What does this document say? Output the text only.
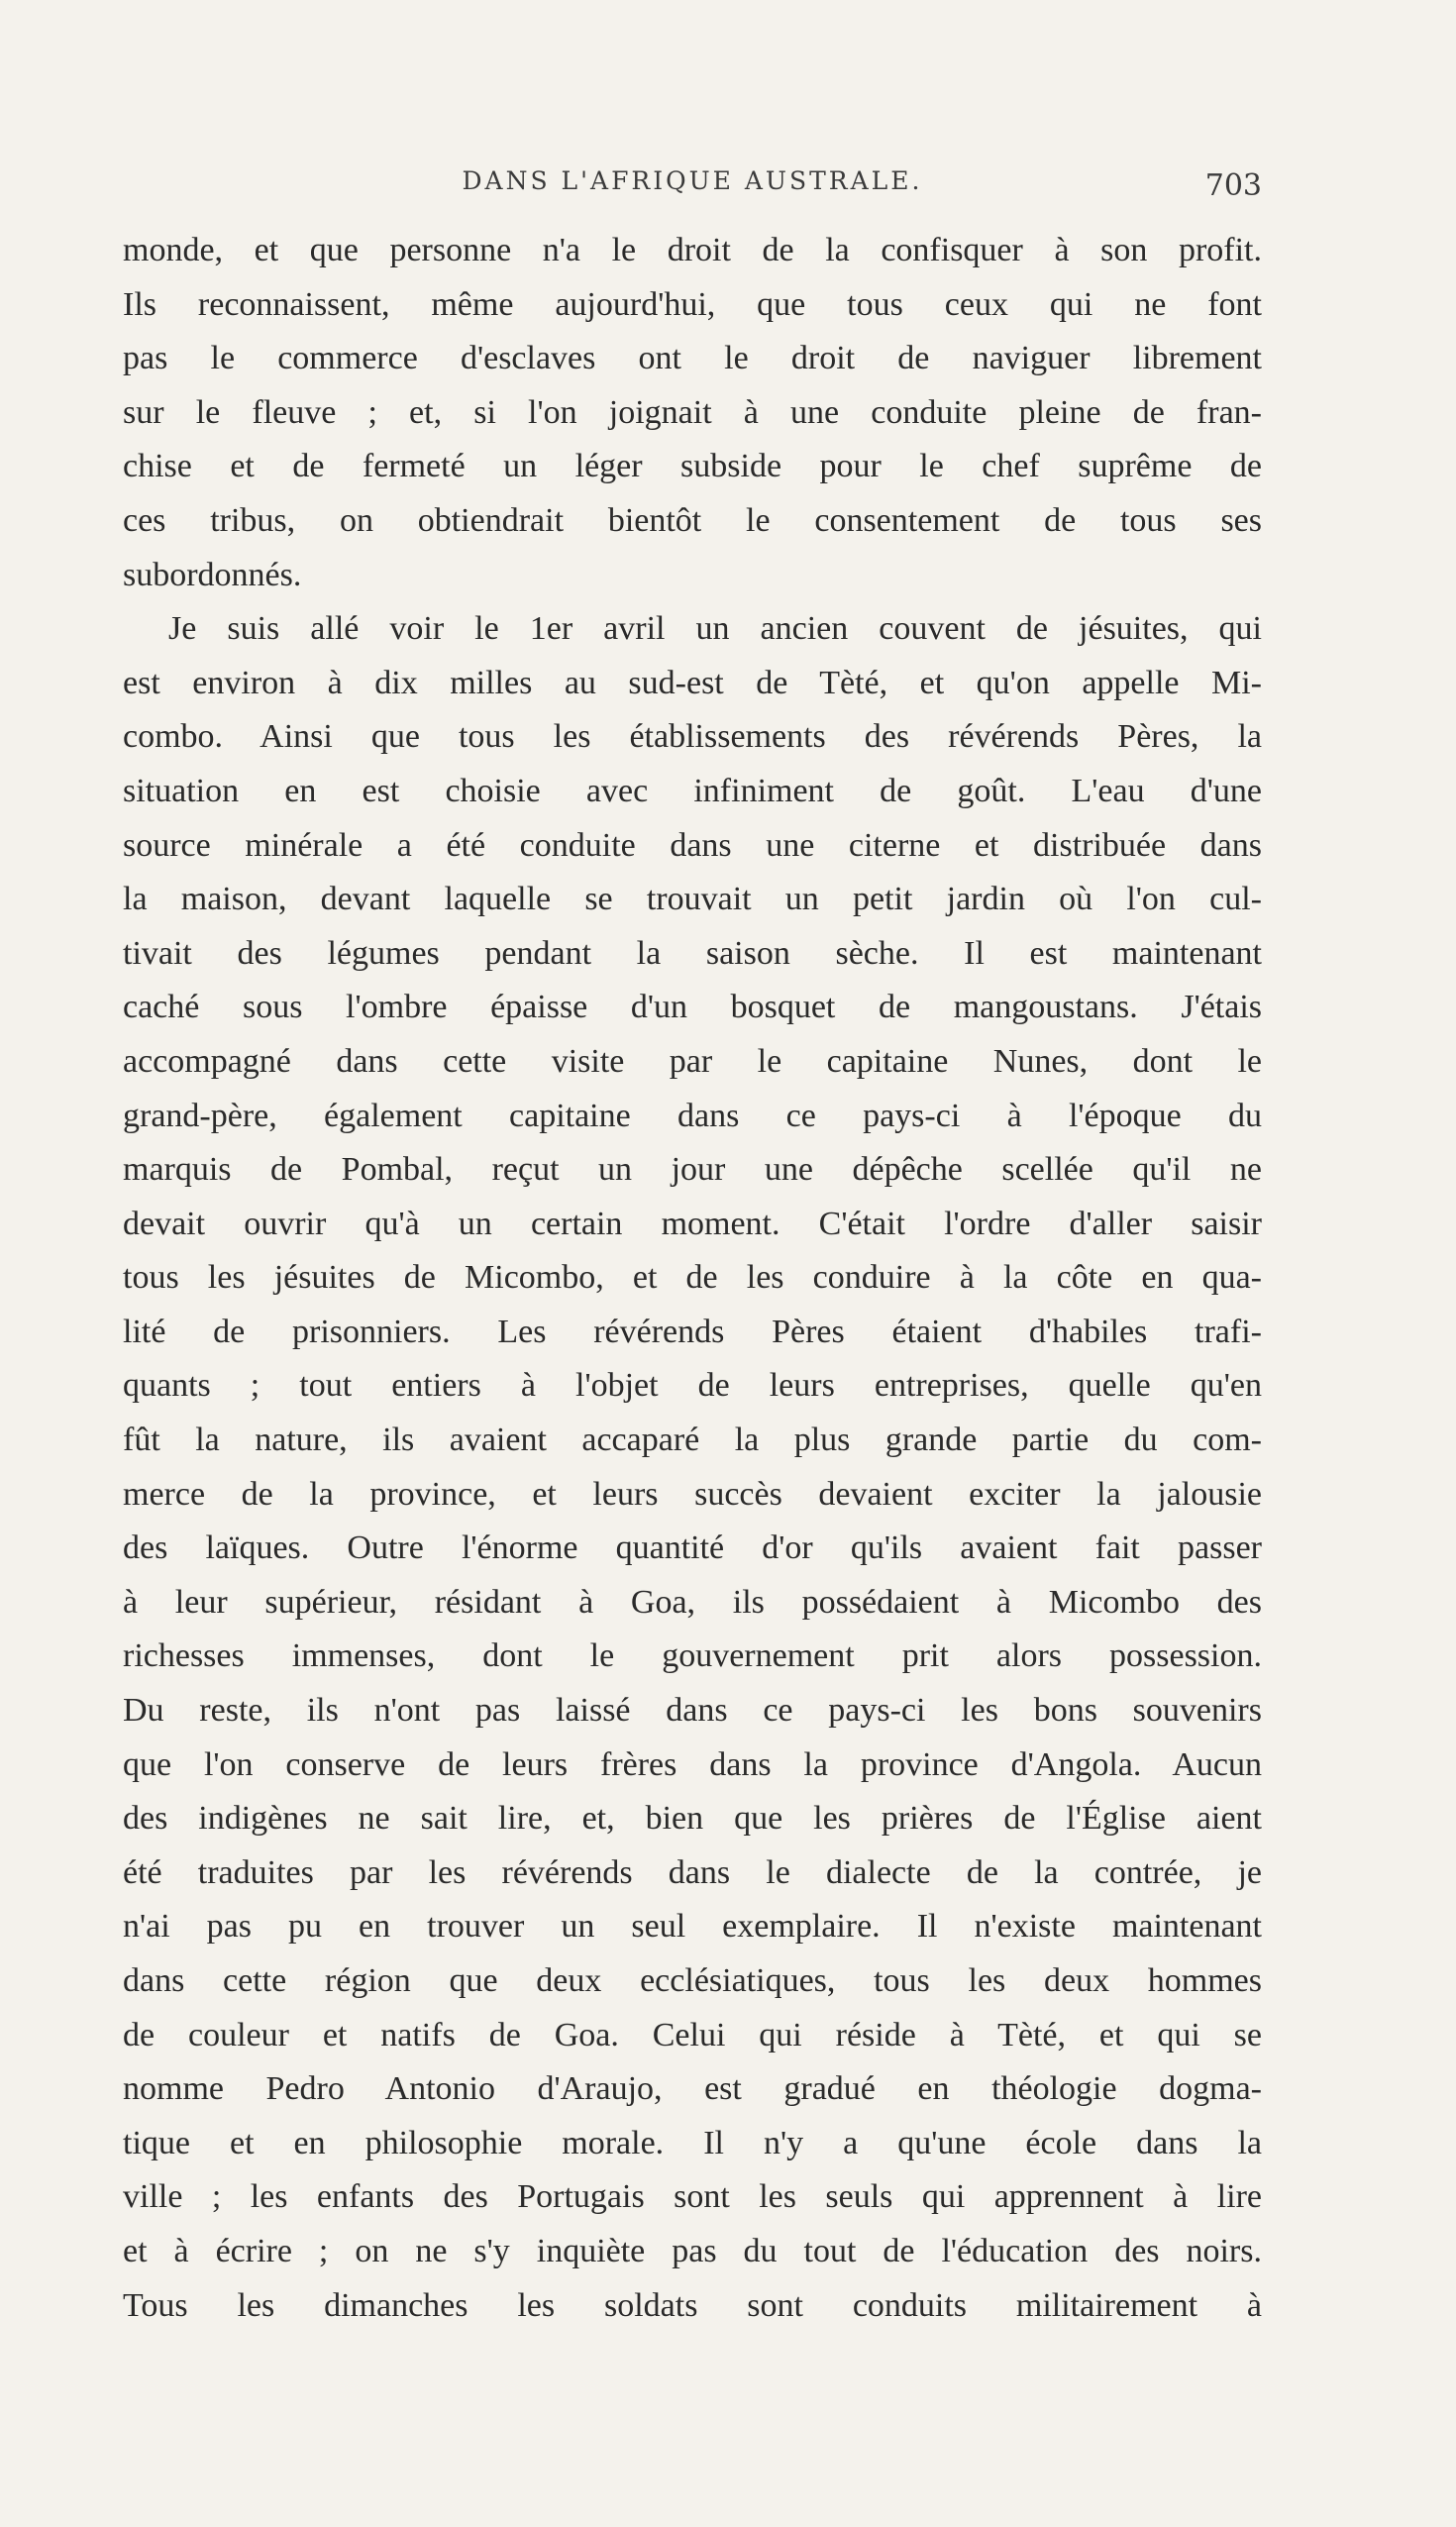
DANS L'AFRIQUE AUSTRALE.	703
monde, et que personne n'a le droit de la confisquer à son profit.
Ils reconnaissent, même aujourd'hui, que tous ceux qui ne font
pas le commerce d'esclaves ont le droit de naviguer librement
sur le fleuve ; et, si l'on joignait à une conduite pleine de fran-
chise et de fermeté un léger subside pour le chef suprême de
ces tribus, on obtiendrait bientôt le consentement de tous ses
subordonnés.
Je suis allé voir le 1er avril un ancien couvent de jésuites, qui
est environ à dix milles au sud-est de Tèté, et qu'on appelle Mi-
combo. Ainsi que tous les établissements des révérends Pères, la
situation en est choisie avec infiniment de goût. L'eau d'une
source minérale a été conduite dans une citerne et distribuée dans
la maison, devant laquelle se trouvait un petit jardin où l'on cul-
tivait des légumes pendant la saison sèche. Il est maintenant
caché sous l'ombre épaisse d'un bosquet de mangoustans. J'étais
accompagné dans cette visite par le capitaine Nunes, dont le
grand-père, également capitaine dans ce pays-ci à l'époque du
marquis de Pombal, reçut un jour une dépêche scellée qu'il ne
devait ouvrir qu'à un certain moment. C'était l'ordre d'aller saisir
tous les jésuites de Micombo, et de les conduire à la côte en qua-
lité de prisonniers. Les révérends Pères étaient d'habiles trafi-
quants ; tout entiers à l'objet de leurs entreprises, quelle qu'en
fût la nature, ils avaient accaparé la plus grande partie du com-
merce de la province, et leurs succès devaient exciter la jalousie
des laïques. Outre l'énorme quantité d'or qu'ils avaient fait passer
à leur supérieur, résidant à Goa, ils possédaient à Micombo des
richesses immenses, dont le gouvernement prit alors possession.
Du reste, ils n'ont pas laissé dans ce pays-ci les bons souvenirs
que l'on conserve de leurs frères dans la province d'Angola. Aucun
des indigènes ne sait lire, et, bien que les prières de l'Église aient
été traduites par les révérends dans le dialecte de la contrée, je
n'ai pas pu en trouver un seul exemplaire. Il n'existe maintenant
dans cette région que deux ecclésiatiques, tous les deux hommes
de couleur et natifs de Goa. Celui qui réside à Tèté, et qui se
nomme Pedro Antonio d'Araujo, est gradué en théologie dogma-
tique et en philosophie morale. Il n'y a qu'une école dans la
ville ; les enfants des Portugais sont les seuls qui apprennent à lire
et à écrire ; on ne s'y inquiète pas du tout de l'éducation des noirs.
Tous les dimanches les soldats sont conduits militairement à
